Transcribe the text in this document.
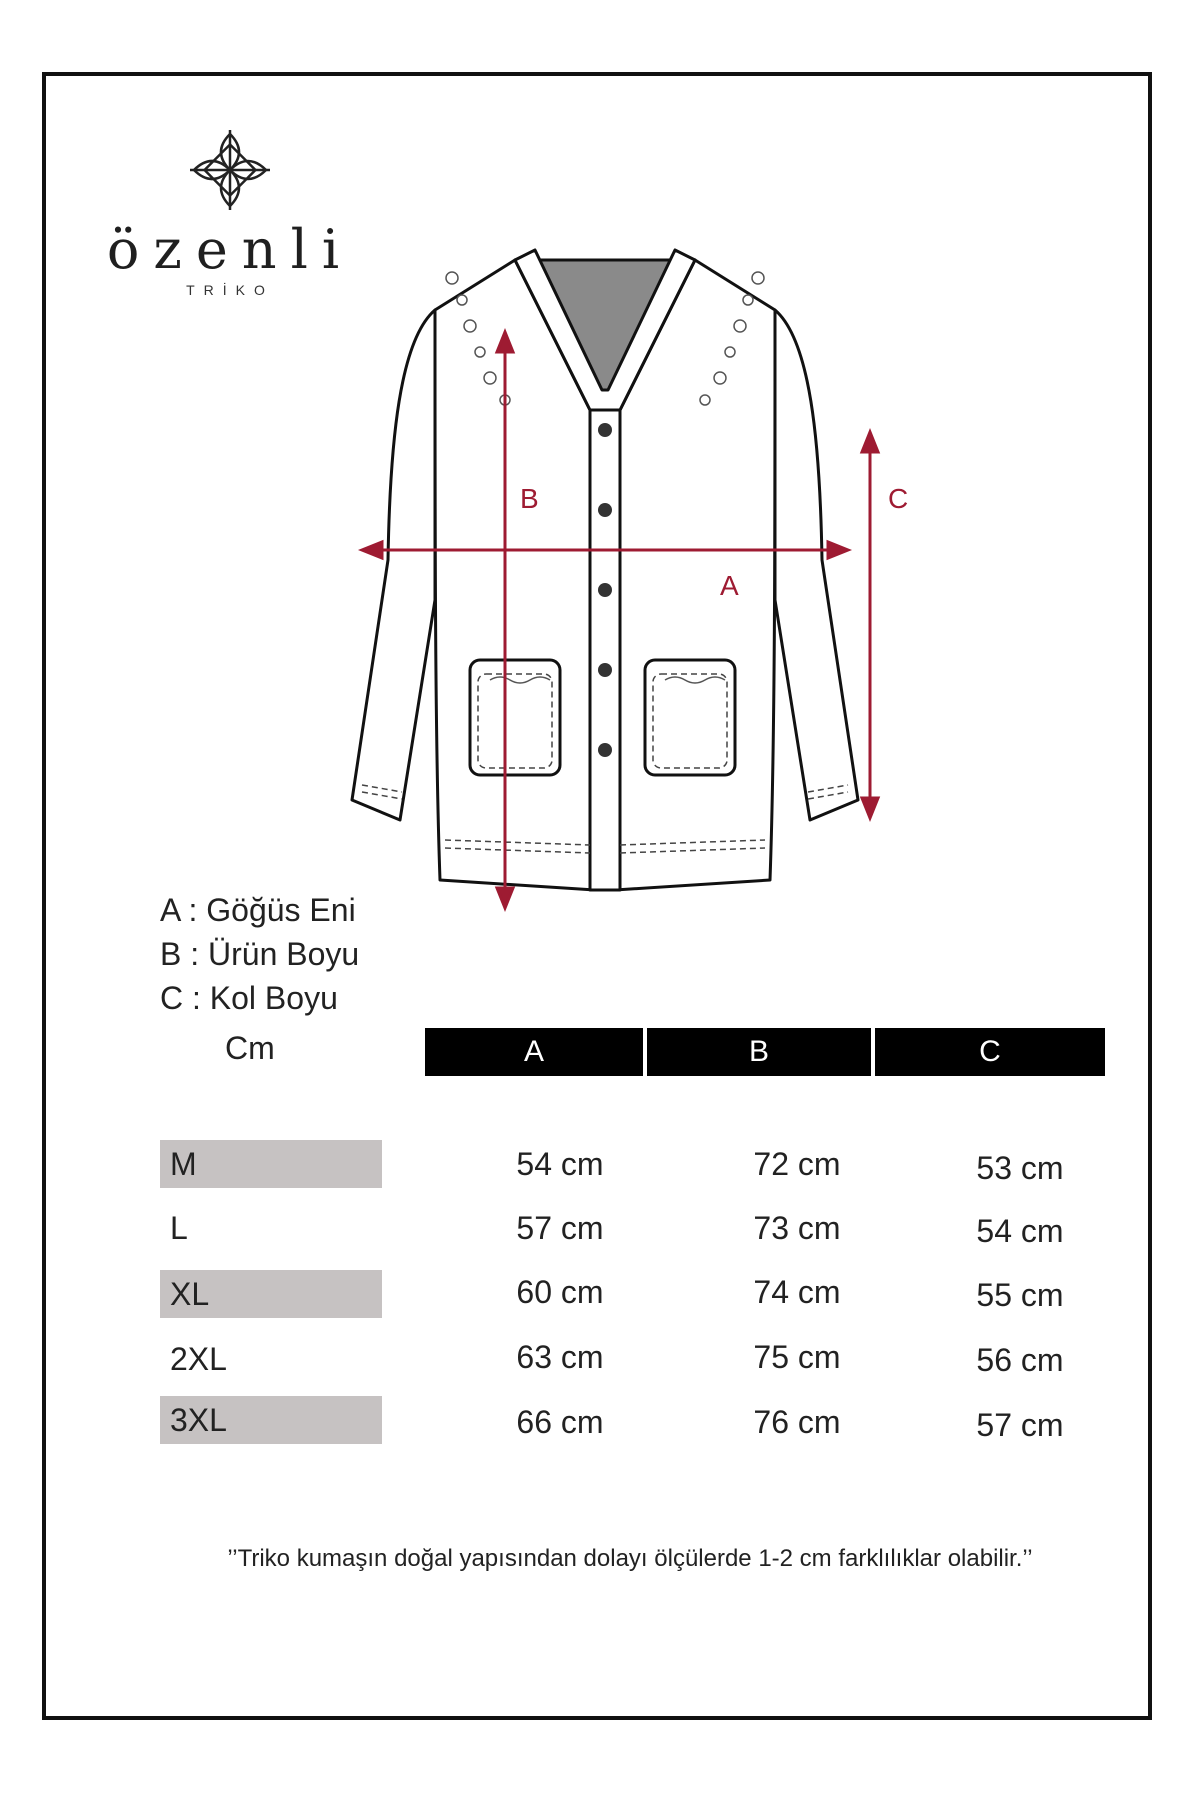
özenli
TRİKO
A
B	C
A : Göğüs Eni
B : Ürün Boyu
C : Kol Boyu
Cm	A	B	C
M	54 cm	72 cm	53 cm
L	57 cm	73 cm	54 cm
XL	60 cm	74 cm	55 cm
2XL	63 cm	75 cm	56 cm
3XL	66 cm	76 cm	57 cm
’’Triko kumaşın doğal yapısından dolayı ölçülerde 1-2 cm farklılıklar olabilir.’’
